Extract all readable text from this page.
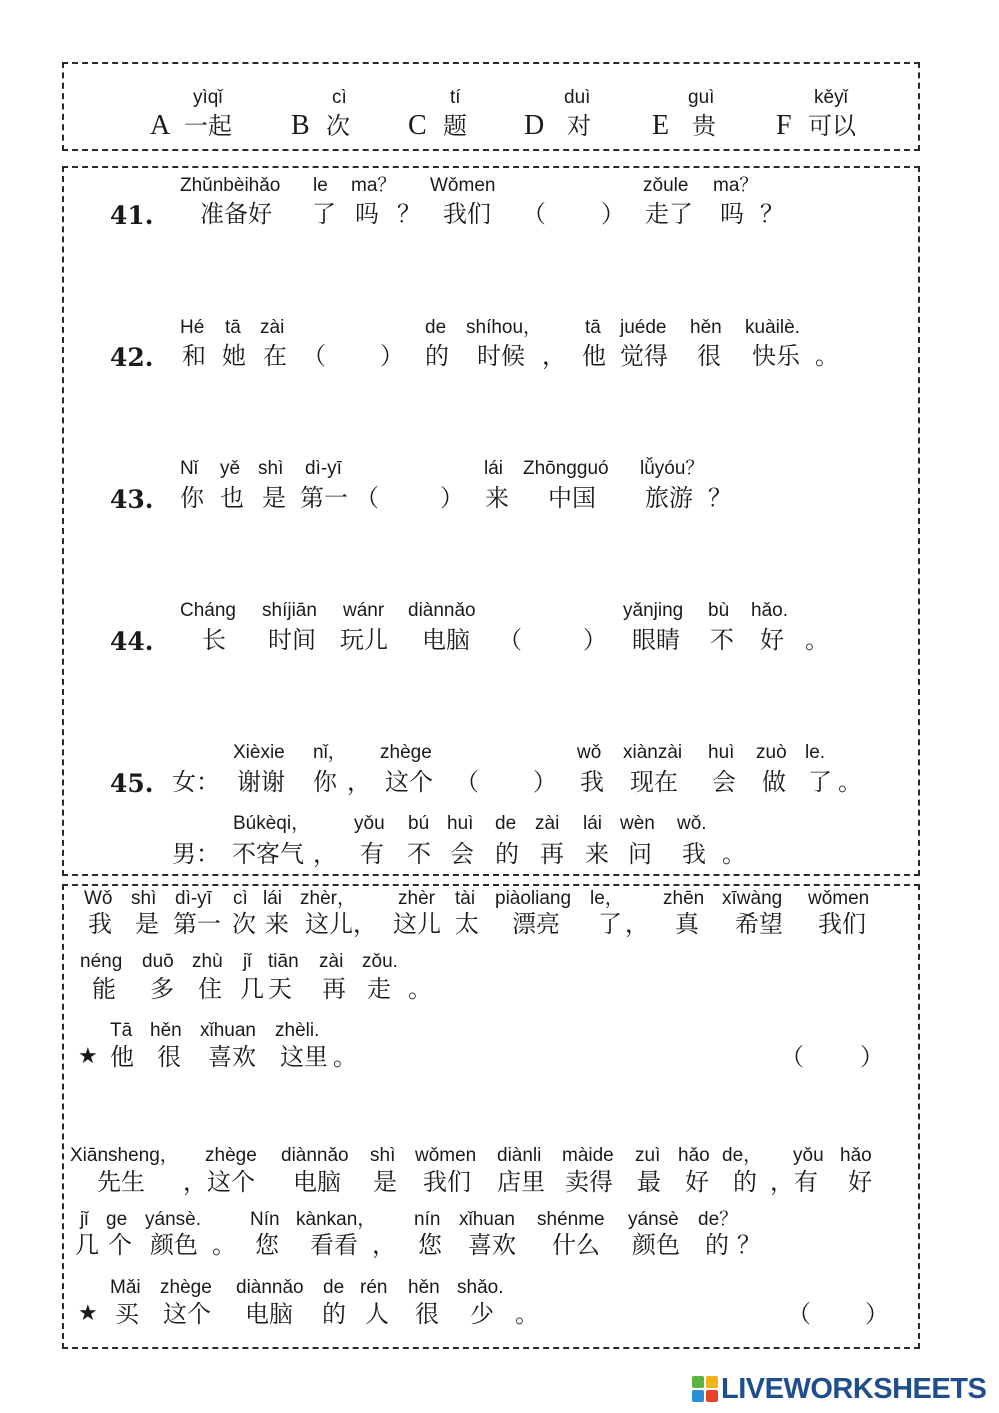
yìqǐ
A 一起
cì
B 次
tí
C 题
duì
D 对
guì
E 贵
kěyǐ
F 可以
41.
Zhǔnbèihǎo le ma？ Wǒmen	zǒule ma？
准备好 了 吗 ？ 我们 （ ） 走了 吗 ？
42.
Hé tā zài	de shíhou， tā juéde hěn kuàilè.
和 她 在 （ ） 的 时候 ， 他 觉得 很 快乐 。
43.
Nǐ yě shì dì-yī	lái Zhōngguó lǚyóu？
你 也 是 第一 （	） 来 中国 旅游 ？
44.
Cháng shíjiān wánr diànnǎo	yǎnjing bù hǎo.
长 时间 玩儿 电脑 （	） 眼睛 不 好 。
45. 女：
Xièxie nǐ， zhège	wǒ xiànzài huì zuò le.
谢谢 你 ， 这个 （ ） 我 现在 会 做 了 。
男：
Búkèqi， yǒu bú huì de zài lái wèn wǒ.
不客气 ， 有 不 会 的 再 来 问 我 。
Wǒ shì dì-yī cì lái zhèr， zhèr tài piàoliang le， zhēn xīwàng wǒmen
我 是 第一 次 来 这儿 ， 这儿 太 漂亮 了 ， 真 希望 我们
néng duō zhù jǐ tiān zài zǒu.
能 多 住 几 天 再 走 。
Tā hěn xǐhuan zhèli.
★ 他 很 喜欢 这里 。	（ ）
Xiānsheng， zhège diànnǎo shì wǒmen diànli màide zuì hǎo de， yǒu hǎo
先生 ，这个 电脑 是 我们 店里 卖得 最 好 的 ，有 好
jǐ ge yánsè.	Nín kànkan， nín xǐhuan shénme yánsè de？
几 个 颜色 。 您 看看 ， 您 喜欢 什么 颜色 的 ？
Mǎi zhège diànnǎo de rén hěn shǎo.
★ 买 这个 电脑 的 人 很 少 。	（ ）
LIVEWORKSHEETS
